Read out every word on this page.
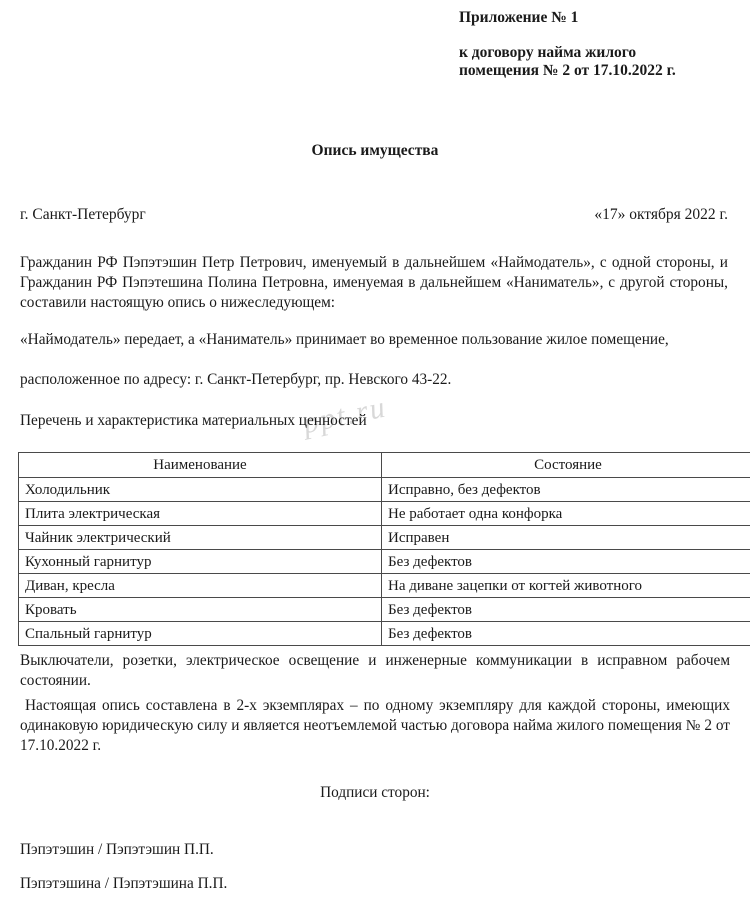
ppt.ru
Приложение № 1
к договору найма жилого
помещения № 2 от 17.10.2022 г.
Опись имущества
г. Санкт-Петербург	«17» октября 2022 г.
Гражданин РФ Пэпэтэшин Петр Петрович, именуемый в дальнейшем «Наймодатель», с одной стороны, и Гражданин РФ Пэпэтешина Полина Петровна, именуемая в дальнейшем «Наниматель», с другой стороны, составили настоящую опись о нижеследующем:
«Наймодатель» передает, а «Наниматель» принимает во временное пользование жилое помещение,
расположенное по адресу: г. Санкт-Петербург, пр. Невского 43-22.
Перечень и характеристика материальных ценностей
Наименование	Состояние
Холодильник	Исправно, без дефектов
Плита электрическая	Не работает одна конфорка
Чайник электрический	Исправен
Кухонный гарнитур	Без дефектов
Диван, кресла	На диване зацепки от когтей животного
Кровать	Без дефектов
Спальный гарнитур	Без дефектов
Выключатели, розетки, электрическое освещение и инженерные коммуникации в исправном рабочем состоянии.
Настоящая опись составлена в 2-х экземплярах – по одному экземпляру для каждой стороны, имеющих одинаковую юридическую силу и является неотъемлемой частью договора найма жилого помещения № 2 от 17.10.2022 г.
Подписи сторон:
Пэпэтэшин / Пэпэтэшин П.П.
Пэпэтэшина / Пэпэтэшина П.П.
